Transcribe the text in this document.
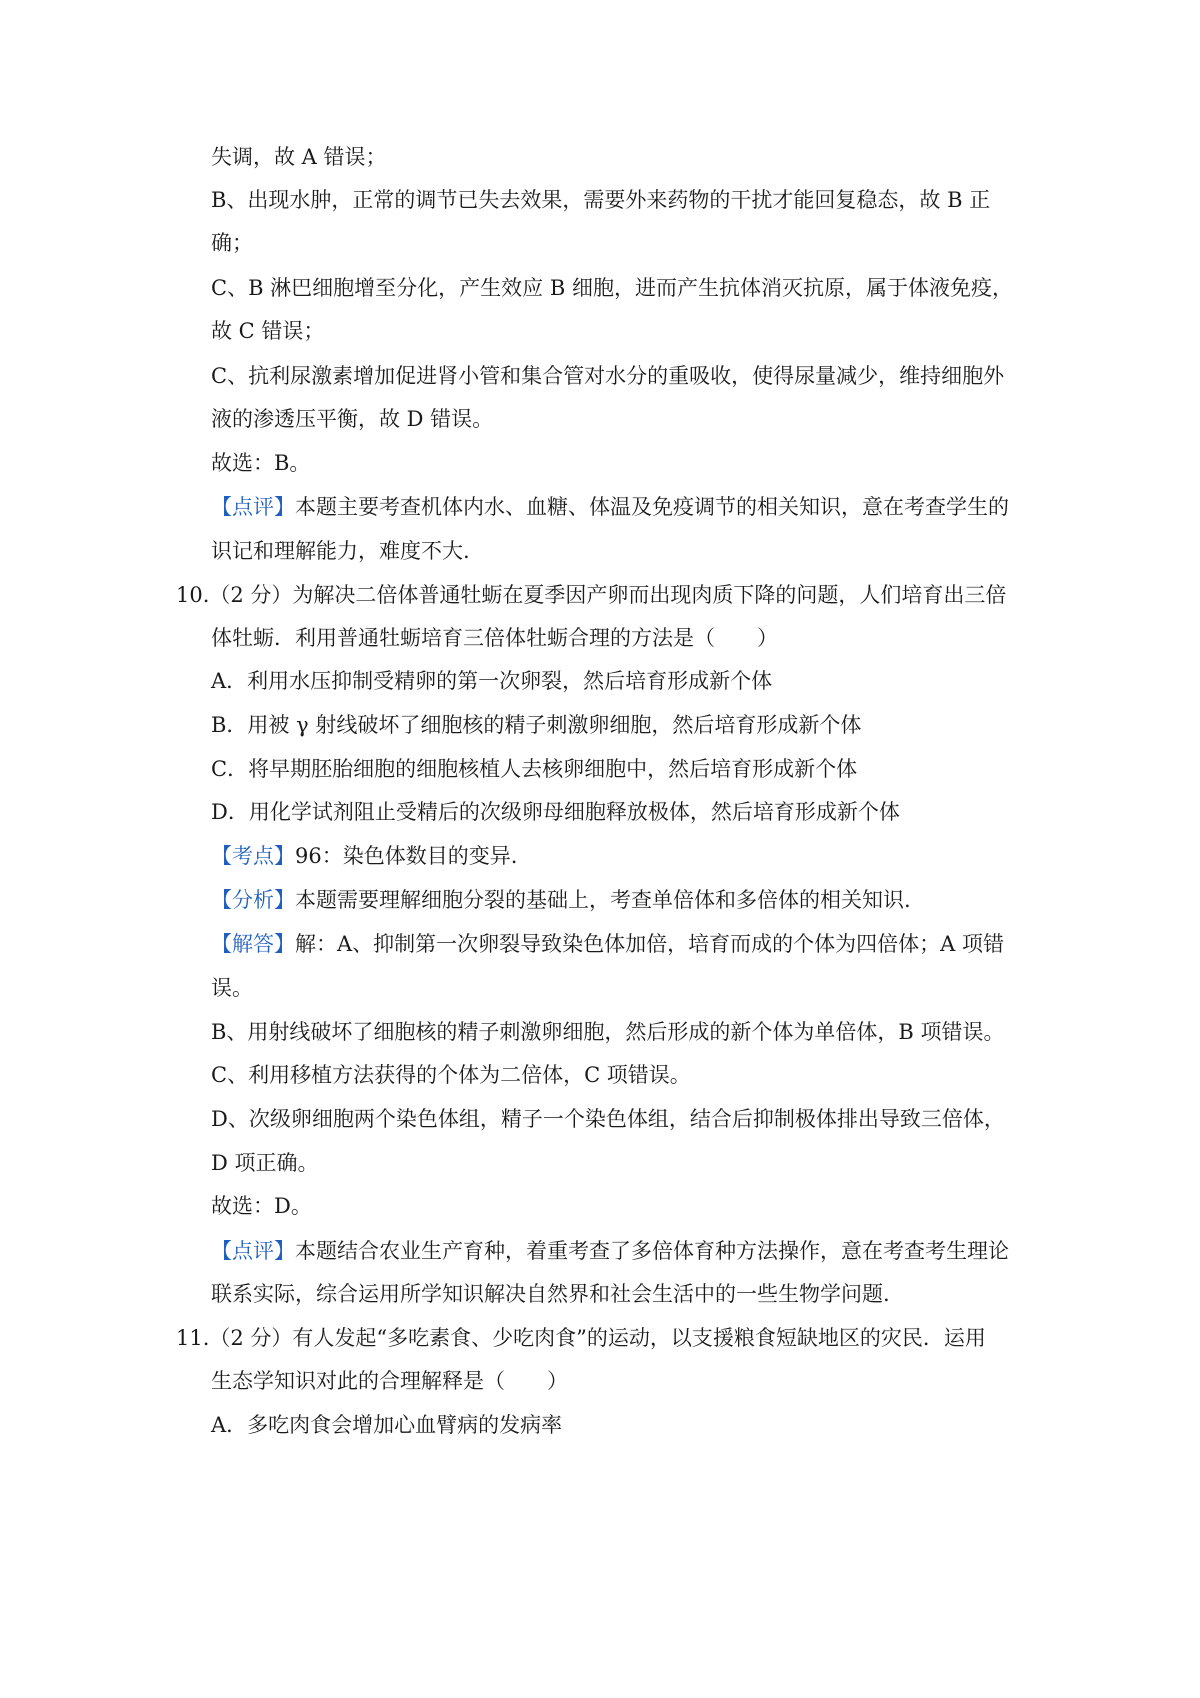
失调，故 A 错误；
B、出现水肿，正常的调节已失去效果，需要外来药物的干扰才能回复稳态，故 B 正
确；
C、B 淋巴细胞增至分化，产生效应 B 细胞，进而产生抗体消灭抗原，属于体液免疫，
故 C 错误；
C、抗利尿激素增加促进肾小管和集合管对水分的重吸收，使得尿量减少，维持细胞外
液的渗透压平衡，故 D 错误。
故选：B。
【点评】本题主要考查机体内水、血糖、体温及免疫调节的相关知识，意在考查学生的
识记和理解能力，难度不大.
10.（2 分）为解决二倍体普通牡蛎在夏季因产卵而出现肉质下降的问题，人们培育出三倍
体牡蛎．利用普通牡蛎培育三倍体牡蛎合理的方法是（　　）
A．利用水压抑制受精卵的第一次卵裂，然后培育形成新个体
B．用被 γ 射线破坏了细胞核的精子刺激卵细胞，然后培育形成新个体
C．将早期胚胎细胞的细胞核植人去核卵细胞中，然后培育形成新个体
D．用化学试剂阻止受精后的次级卵母细胞释放极体，然后培育形成新个体
【考点】96：染色体数目的变异.
【分析】本题需要理解细胞分裂的基础上，考查单倍体和多倍体的相关知识.
【解答】解：A、抑制第一次卵裂导致染色体加倍，培育而成的个体为四倍体；A 项错
误。
B、用射线破坏了细胞核的精子刺激卵细胞，然后形成的新个体为单倍体，B 项错误。
C、利用移植方法获得的个体为二倍体，C 项错误。
D、次级卵细胞两个染色体组，精子一个染色体组，结合后抑制极体排出导致三倍体，
D 项正确。
故选：D。
【点评】本题结合农业生产育种，着重考查了多倍体育种方法操作，意在考查考生理论
联系实际，综合运用所学知识解决自然界和社会生活中的一些生物学问题.
11.（2 分）有人发起“多吃素食、少吃肉食”的运动，以支援粮食短缺地区的灾民．运用
生态学知识对此的合理解释是（　　）
A．多吃肉食会增加心血臂病的发病率
